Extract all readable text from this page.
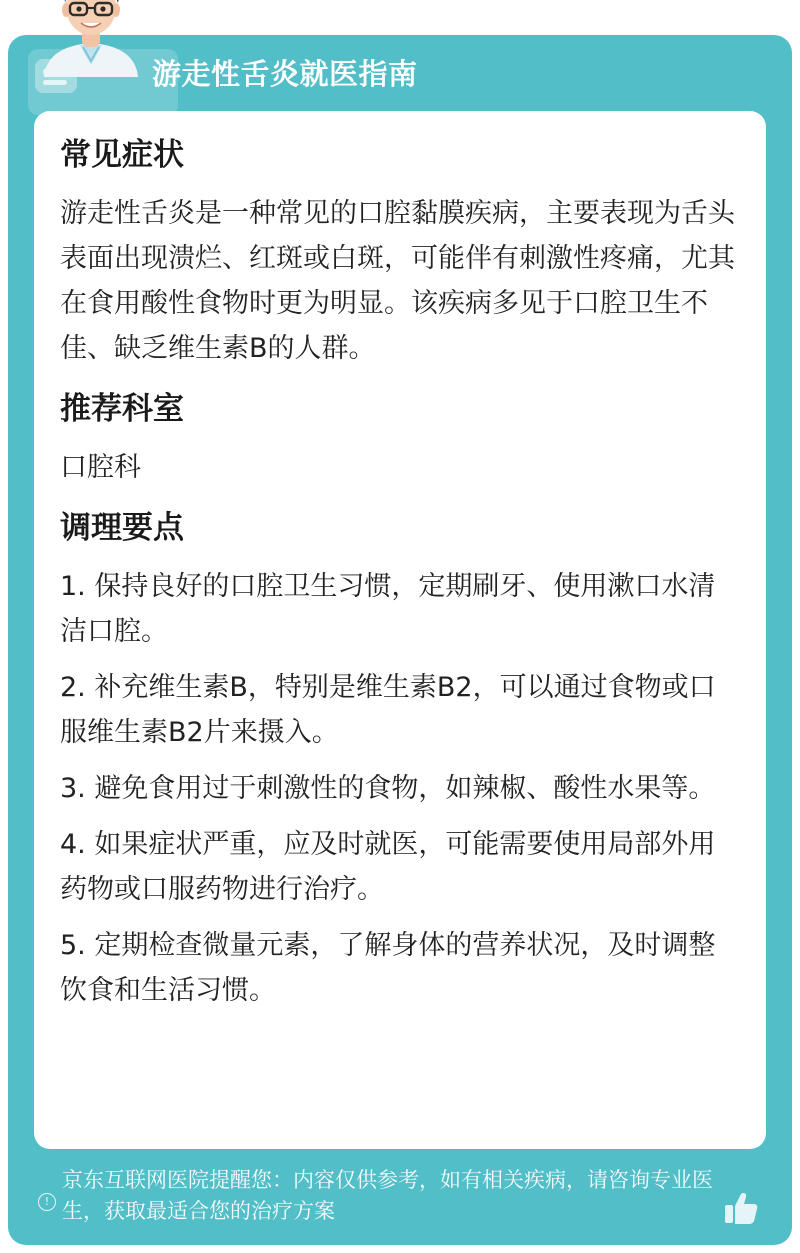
游走性舌炎就医指南
常见症状
游走性舌炎是一种常见的口腔黏膜疾病，主要表现为舌头表面出现溃烂、红斑或白斑，可能伴有刺激性疼痛，尤其在食用酸性食物时更为明显。该疾病多见于口腔卫生不佳、缺乏维生素B的人群。
推荐科室
口腔科
调理要点
1. 保持良好的口腔卫生习惯，定期刷牙、使用漱口水清洁口腔。
2. 补充维生素B，特别是维生素B2，可以通过食物或口服维生素B2片来摄入。
3. 避免食用过于刺激性的食物，如辣椒、酸性水果等。
4. 如果症状严重，应及时就医，可能需要使用局部外用药物或口服药物进行治疗。
5. 定期检查微量元素，了解身体的营养状况，及时调整饮食和生活习惯。
!
京东互联网医院提醒您：内容仅供参考，如有相关疾病，请咨询专业医生，获取最适合您的治疗方案
